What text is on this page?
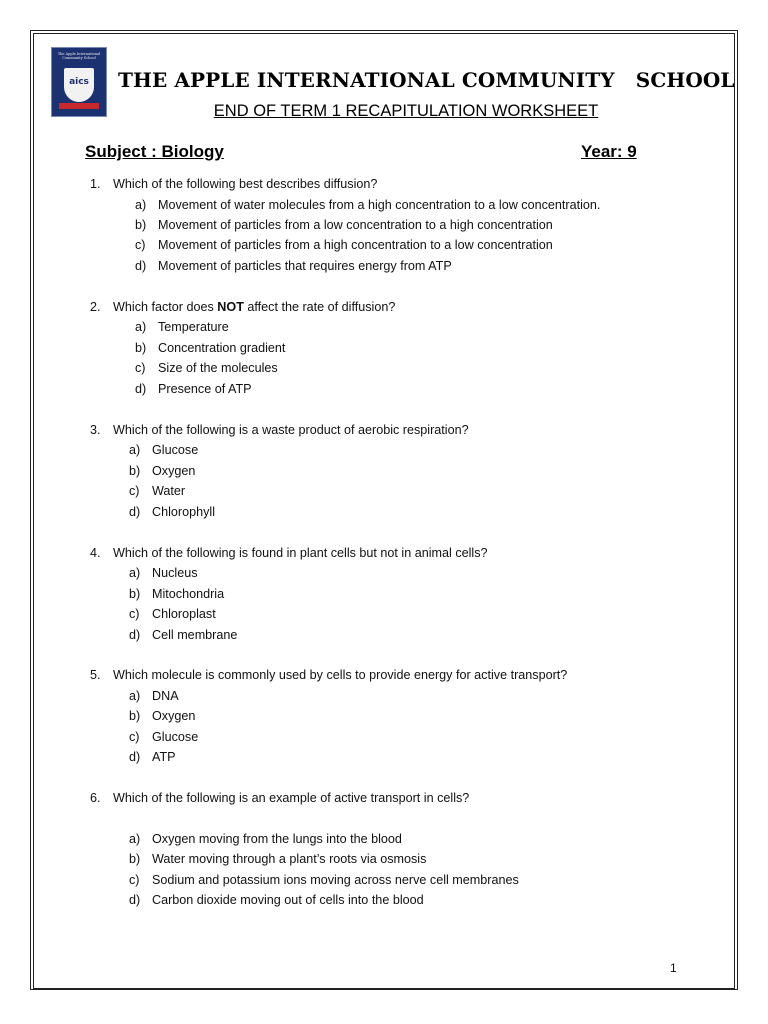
The Apple International Community School
aics THE APPLE INTERNATIONAL COMMUNITY   SCHOOL
END OF TERM 1 RECAPITULATION WORKSHEET
Subject : Biology	Year: 9
1. Which of the following best describes diffusion?
a) Movement of water molecules from a high concentration to a low concentration.
b) Movement of particles from a low concentration to a high concentration
c) Movement of particles from a high concentration to a low concentration
d) Movement of particles that requires energy from ATP
2. Which factor does NOT affect the rate of diffusion?
a) Temperature
b) Concentration gradient
c) Size of the molecules
d) Presence of ATP
3. Which of the following is a waste product of aerobic respiration?
a) Glucose
b) Oxygen
c) Water
d) Chlorophyll
4. Which of the following is found in plant cells but not in animal cells?
a) Nucleus
b) Mitochondria
c) Chloroplast
d) Cell membrane
5. Which molecule is commonly used by cells to provide energy for active transport?
a) DNA
b) Oxygen
c) Glucose
d) ATP
6. Which of the following is an example of active transport in cells?
a) Oxygen moving from the lungs into the blood
b) Water moving through a plant’s roots via osmosis
c) Sodium and potassium ions moving across nerve cell membranes
d) Carbon dioxide moving out of cells into the blood
1
